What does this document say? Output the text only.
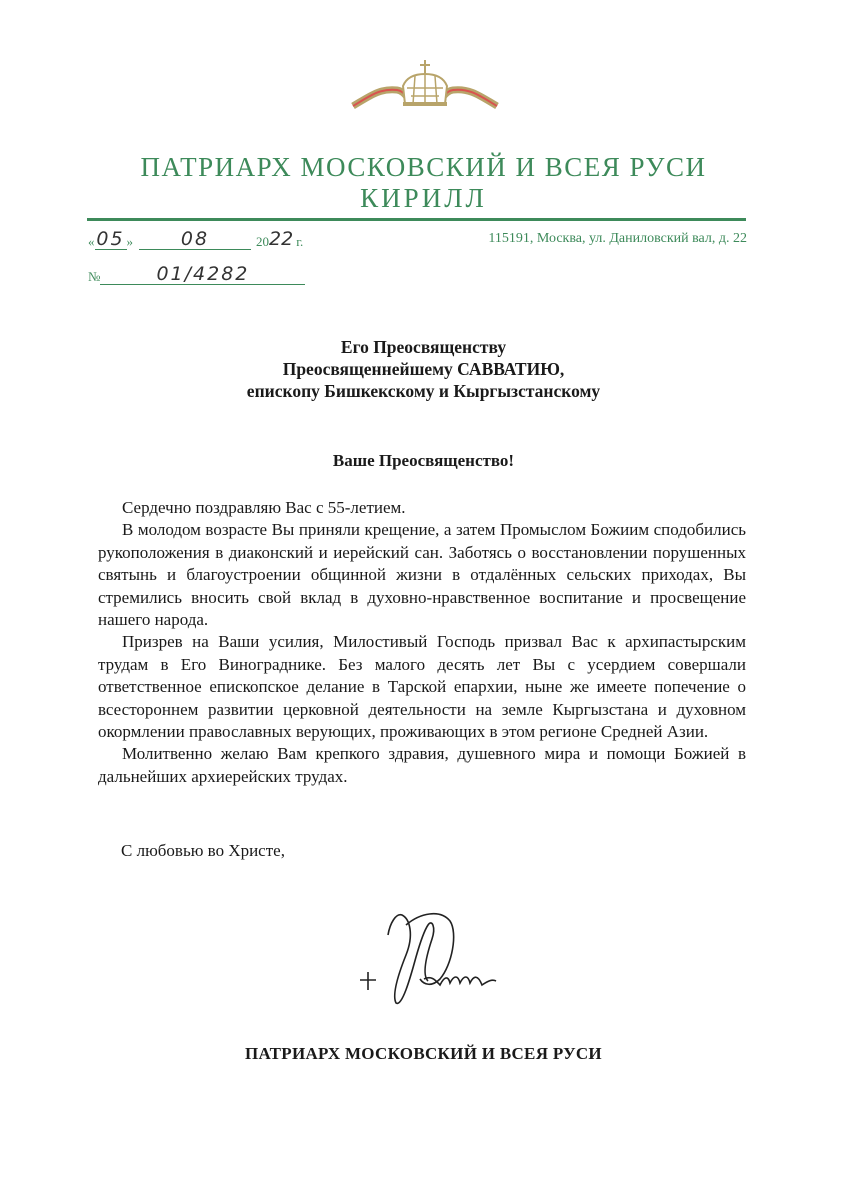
ПАТРИАРХ МОСКОВСКИЙ И ВСЕЯ РУСИ
КИРИЛЛ
« 05 »	08	20 22 г.	115191, Москва, ул. Даниловский вал, д. 22
№	01/4282
Его Преосвященству
Преосвященнейшему САВВАТИЮ,
епископу Бишкекскому и Кыргызстанскому
Ваше Преосвященство!

Сердечно поздравляю Вас с 55-летием.

В молодом возрасте Вы приняли крещение, а затем Промыслом Божиим сподобились рукоположения в диаконский и иерейский сан. Заботясь о восстановлении порушенных святынь и благоустроении общинной жизни в отдалённых сельских приходах, Вы стремились вносить свой вклад в духовно-нравственное воспитание и просвещение нашего народа.

Призрев на Ваши усилия, Милостивый Господь призвал Вас к архипастырским трудам в Его Винограднике. Без малого десять лет Вы с усердием совершали ответственное епископское делание в Тарской епархии, ныне же имеете попечение о всестороннем развитии церковной деятельности на земле Кыргызстана и духовном окормлении православных верующих, проживающих в этом регионе Средней Азии.

Молитвенно желаю Вам крепкого здравия, душевного мира и помощи Божией в дальнейших архиерейских трудах.

С любовью во Христе,
ПАТРИАРХ МОСКОВСКИЙ И ВСЕЯ РУСИ
